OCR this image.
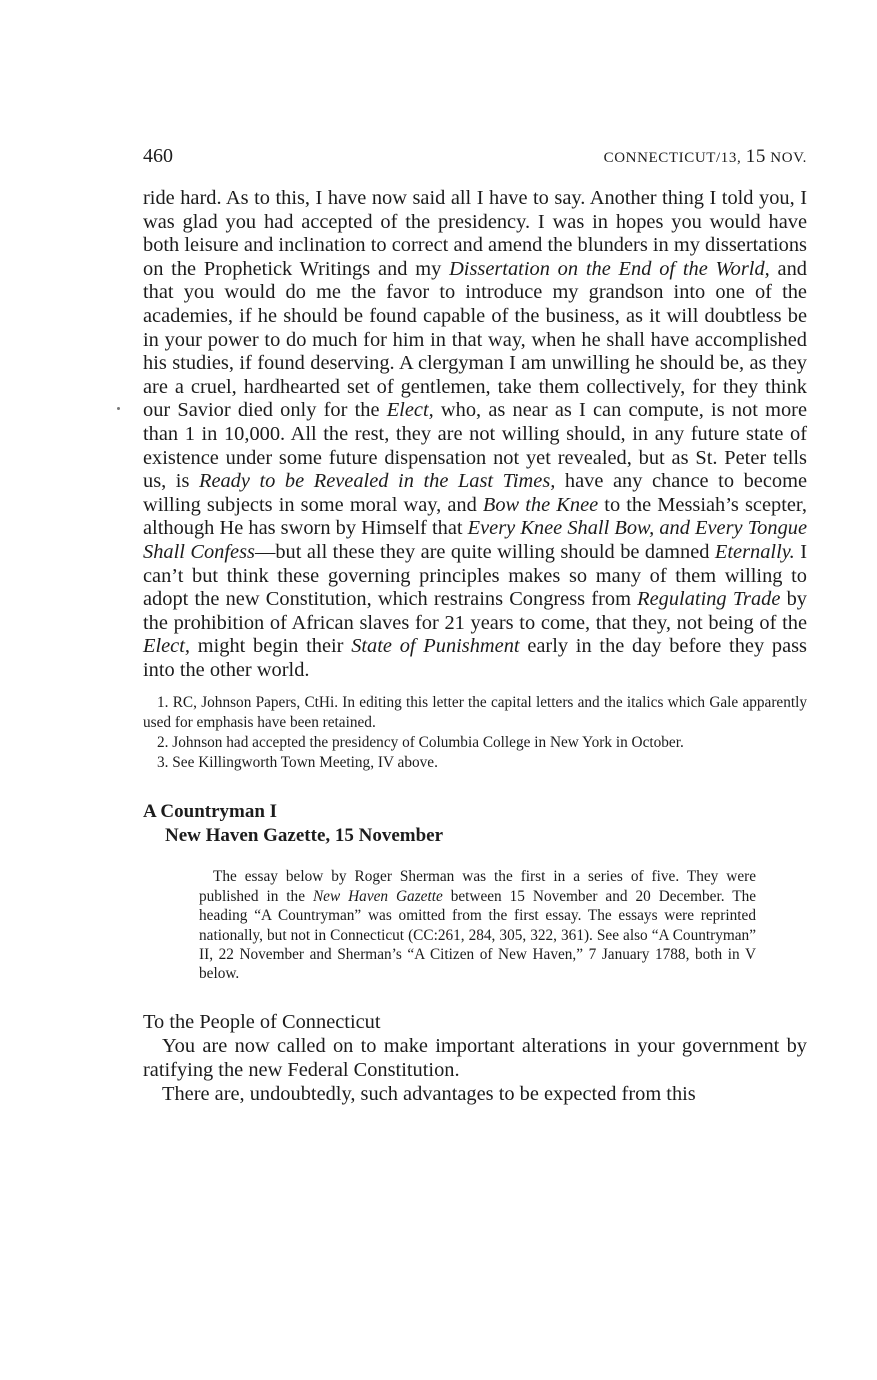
460	CONNECTICUT/13, 15 NOV.

ride hard. As to this, I have now said all I have to say. Another thing I told you, I was glad you had accepted of the presidency. I was in hopes you would have both leisure and inclination to correct and amend the blunders in my dissertations on the Prophetick Writings and my Dissertation on the End of the World, and that you would do me the favor to introduce my grandson into one of the academies, if he should be found capable of the business, as it will doubtless be in your power to do much for him in that way, when he shall have accomplished his studies, if found deserving. A clergyman I am unwilling he should be, as they are a cruel, hardhearted set of gentlemen, take them collectively, for they think our Savior died only for the Elect, who, as near as I can compute, is not more than 1 in 10,000. All the rest, they are not willing should, in any future state of existence under some future dispensation not yet revealed, but as St. Peter tells us, is Ready to be Revealed in the Last Times, have any chance to become willing subjects in some moral way, and Bow the Knee to the Messiah’s scepter, although He has sworn by Himself that Every Knee Shall Bow, and Every Tongue Shall Confess—but all these they are quite willing should be damned Eternally. I can’t but think these governing principles makes so many of them willing to adopt the new Constitution, which restrains Congress from Regulating Trade by the prohibition of African slaves for 21 years to come, that they, not being of the Elect, might begin their State of Punishment early in the day before they pass into the other world.

1. RC, Johnson Papers, CtHi. In editing this letter the capital letters and the italics which Gale apparently used for emphasis have been retained.

2. Johnson had accepted the presidency of Columbia College in New York in October.

3. See Killingworth Town Meeting, IV above.

A Countryman I
New Haven Gazette, 15 November
The essay below by Roger Sherman was the first in a series of five. They were published in the New Haven Gazette between 15 November and 20 December. The heading “A Countryman” was omitted from the first essay. The essays were reprinted nationally, but not in Connecticut (CC:261, 284, 305, 322, 361). See also “A Countryman” II, 22 November and Sherman’s “A Citizen of New Haven,” 7 January 1788, both in V below.
To the People of Connecticut

You are now called on to make important alterations in your government by ratifying the new Federal Constitution.

There are, undoubtedly, such advantages to be expected from this
